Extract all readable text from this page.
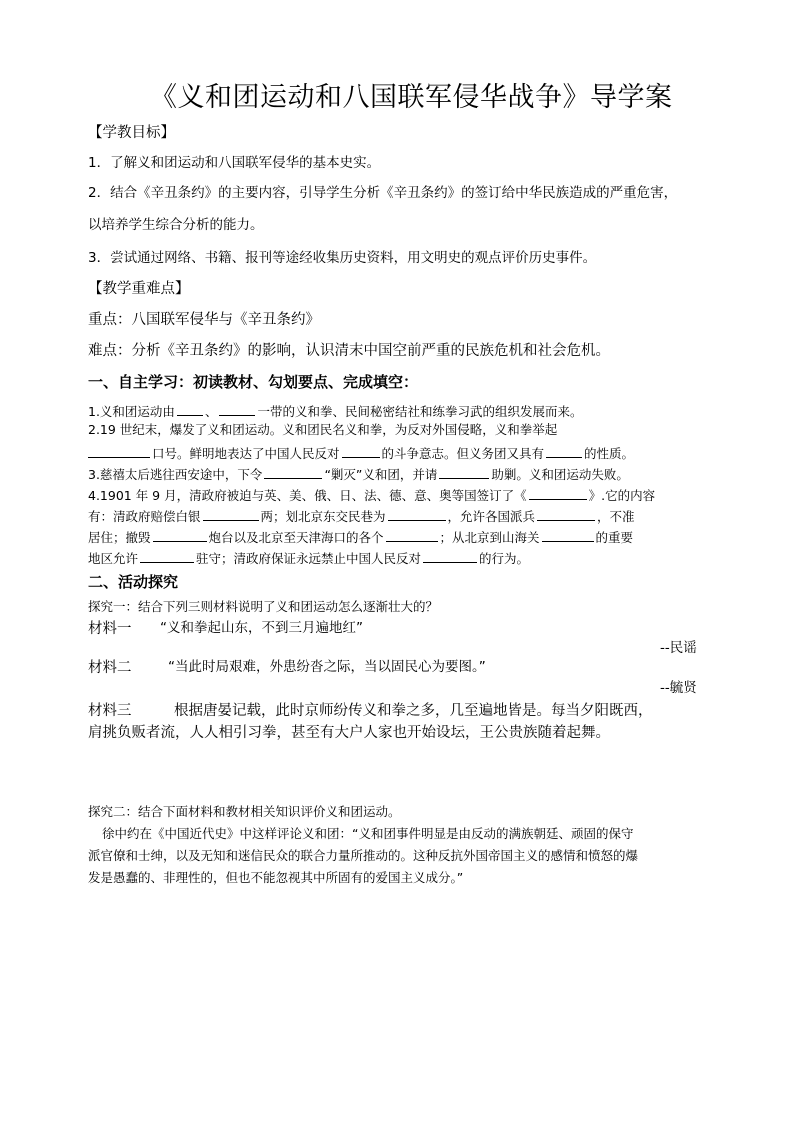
《义和团运动和八国联军侵华战争》导学案
【学教目标】
1．了解义和团运动和八国联军侵华的基本史实。
2．结合《辛丑条约》的主要内容，引导学生分析《辛丑条约》的签订给中华民族造成的严重危害，
以培养学生综合分析的能力。
3．尝试通过网络、书籍、报刊等途经收集历史资料，用文明史的观点评价历史事件。
【教学重难点】
重点：八国联军侵华与《辛丑条约》
难点：分析《辛丑条约》的影响，认识清末中国空前严重的民族危机和社会危机。
一、自主学习：初读教材、勾划要点、完成填空：
1.义和团运动由 、	一带的义和拳、民间秘密结社和练拳习武的组织发展而来。
2.19 世纪末，爆发了义和团运动。义和团民名义和拳，为反对外国侵略，义和拳举起
口号。鲜明地表达了中国人民反对	的斗争意志。但义务团又具有	的性质。
3.慈禧太后逃往西安途中，下令	“剿灭”义和团，并请	助剿。义和团运动失败。
4.1901 年 9 月，清政府被迫与英、美、俄、日、法、德、意、奥等国签订了《	》.它的内容
有：清政府赔偿白银	两；划北京东交民巷为	，允许各国派兵	，不准
居住；撤毁	炮台以及北京至天津海口的各个	；从北京到山海关	的重要
地区允许	驻守；清政府保证永远禁止中国人民反对	的行为。
二、活动探究
探究一：结合下列三则材料说明了义和团运动怎么逐渐壮大的？
材料一 “义和拳起山东，不到三月遍地红”
--民谣
材料二	“当此时局艰难，外患纷沓之际，当以固民心为要图。”
--毓贤
材料三	根据唐晏记载，此时京师纷传义和拳之多，几至遍地皆是。每当夕阳既西，
肩挑负贩者流，人人相引习拳，甚至有大户人家也开始设坛，王公贵族随着起舞。
探究二：结合下面材料和教材相关知识评价义和团运动。
徐中约在《中国近代史》中这样评论义和团：“义和团事件明显是由反动的满族朝廷、顽固的保守
派官僚和士绅，以及无知和迷信民众的联合力量所推动的。这种反抗外国帝国主义的感情和愤怒的爆
发是愚蠢的、非理性的，但也不能忽视其中所固有的爱国主义成分。”
